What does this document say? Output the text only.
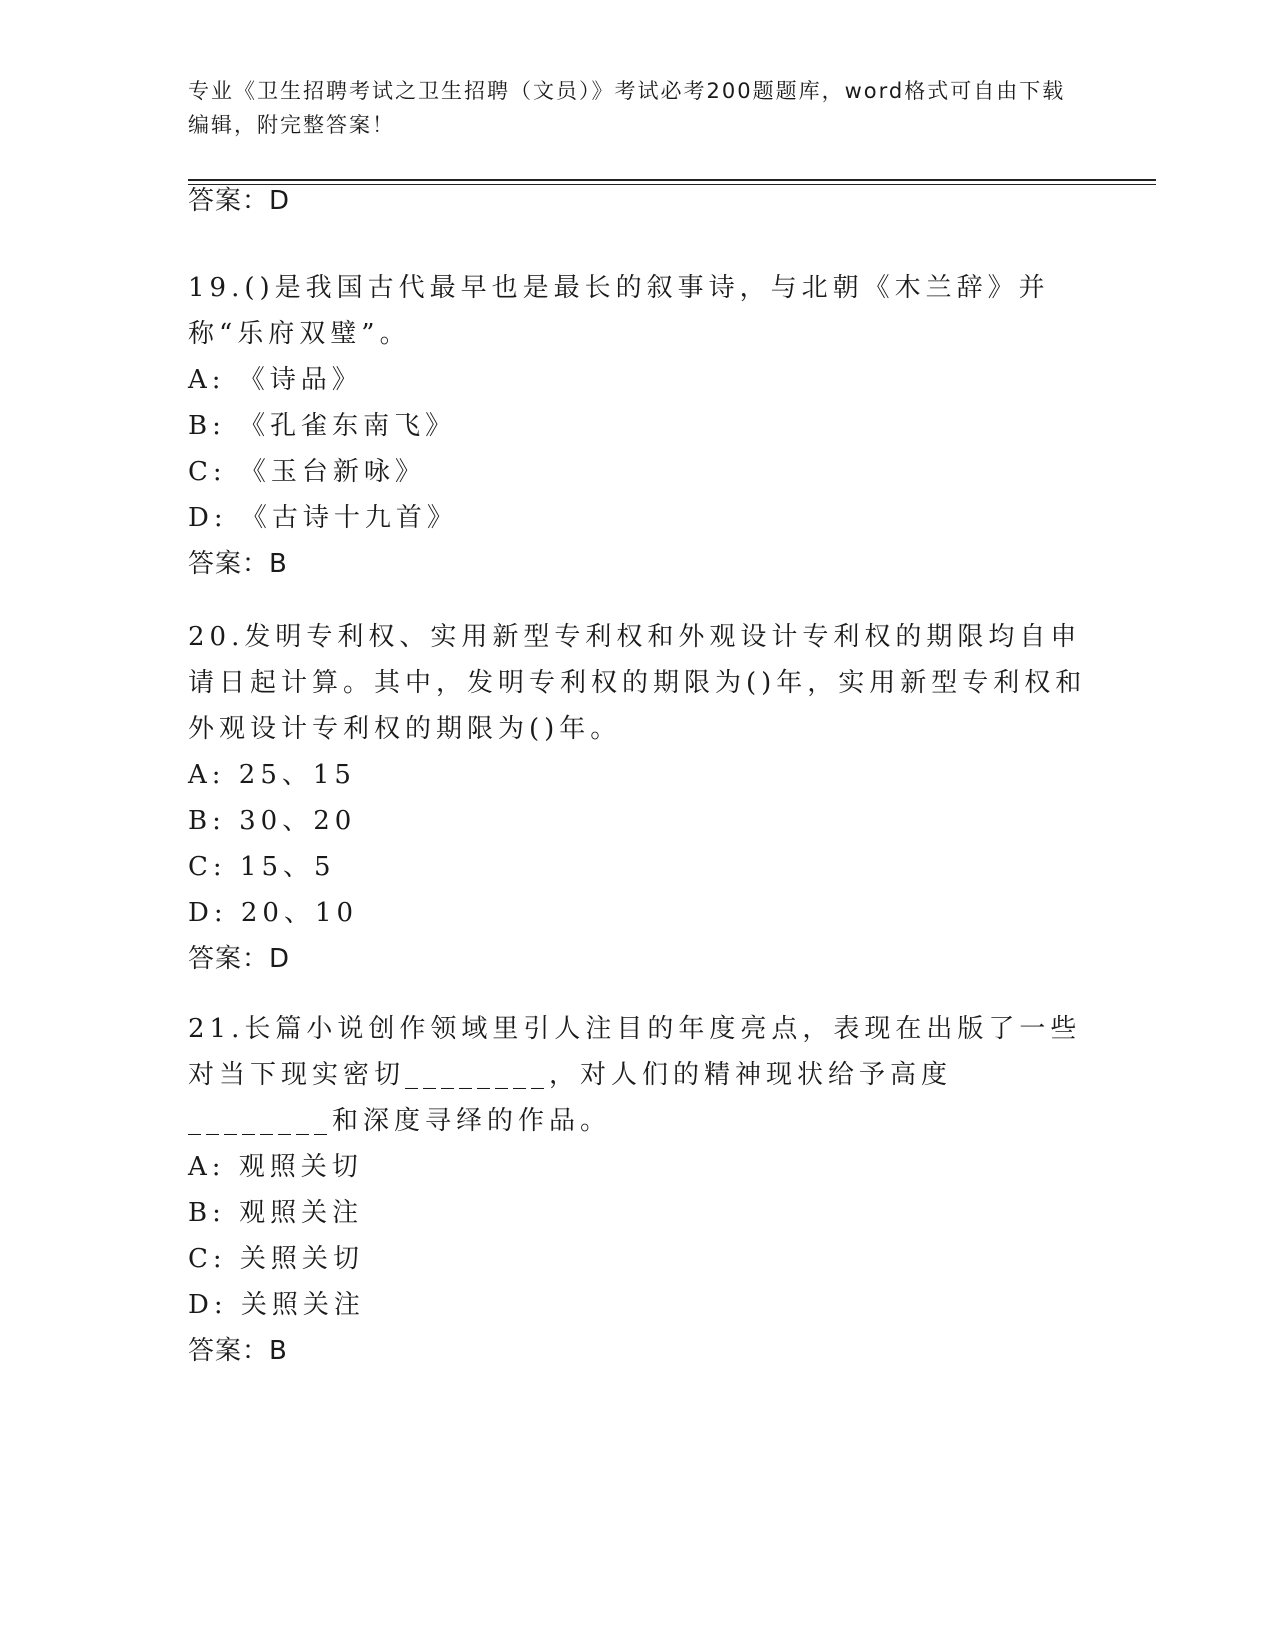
专业《卫生招聘考试之卫生招聘（文员）》考试必考200题题库，word格式可自由下载编辑，附完整答案！
答案：D

19.()是我国古代最早也是最长的叙事诗，与北朝《木兰辞》并称“乐府双璧”。

A: 《诗品》
B: 《孔雀东南飞》
C: 《玉台新咏》
D: 《古诗十九首》
答案：B

20.发明专利权、实用新型专利权和外观设计专利权的期限均自申请日起计算。其中，发明专利权的期限为()年，实用新型专利权和外观设计专利权的期限为()年。

A: 25、15
B: 30、20
C: 15、5
D: 20、10
答案：D

21.长篇小说创作领域里引人注目的年度亮点，表现在出版了一些对当下现实密切________，对人们的精神现状给予高度________和深度寻绎的作品。

A: 观照关切
B: 观照关注
C: 关照关切
D: 关照关注
答案：B
